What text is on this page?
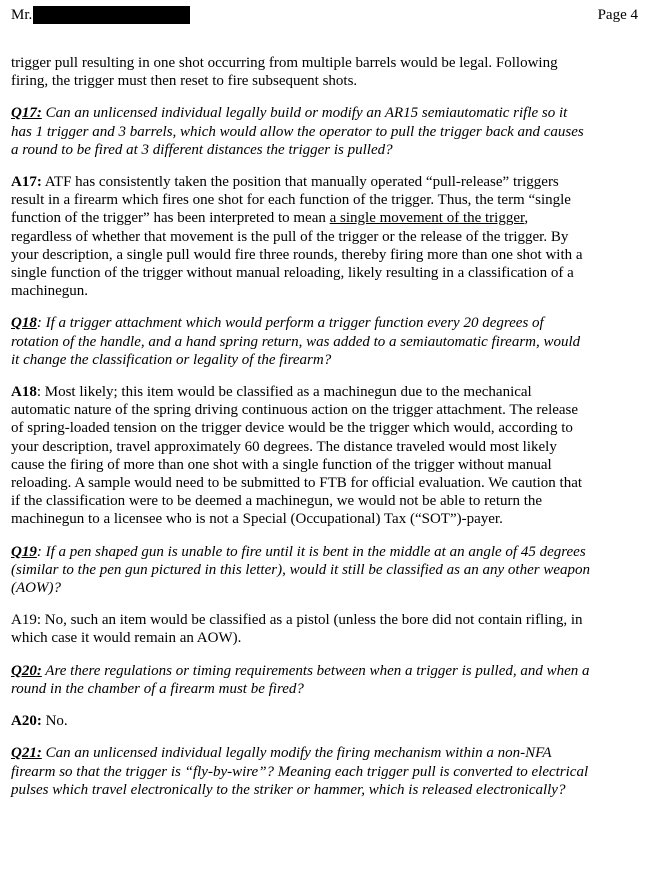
Mr.	Page 4

trigger pull resulting in one shot occurring from multiple barrels would be legal. Following firing, the trigger must then reset to fire subsequent shots.

Q17: Can an unlicensed individual legally build or modify an AR15 semiautomatic rifle so it has 1 trigger and 3 barrels, which would allow the operator to pull the trigger back and causes a round to be fired at 3 different distances the trigger is pulled?

A17: ATF has consistently taken the position that manually operated “pull-release” triggers result in a firearm which fires one shot for each function of the trigger. Thus, the term “single function of the trigger” has been interpreted to mean a single movement of the trigger, regardless of whether that movement is the pull of the trigger or the release of the trigger. By your description, a single pull would fire three rounds, thereby firing more than one shot with a single function of the trigger without manual reloading, likely resulting in a classification of a machinegun.

Q18: If a trigger attachment which would perform a trigger function every 20 degrees of rotation of the handle, and a hand spring return, was added to a semiautomatic firearm, would it change the classification or legality of the firearm?

A18: Most likely; this item would be classified as a machinegun due to the mechanical automatic nature of the spring driving continuous action on the trigger attachment. The release of spring-loaded tension on the trigger device would be the trigger which would, according to your description, travel approximately 60 degrees. The distance traveled would most likely cause the firing of more than one shot with a single function of the trigger without manual reloading. A sample would need to be submitted to FTB for official evaluation. We caution that if the classification were to be deemed a machinegun, we would not be able to return the machinegun to a licensee who is not a Special (Occupational) Tax (“SOT”)-payer.

Q19: If a pen shaped gun is unable to fire until it is bent in the middle at an angle of 45 degrees (similar to the pen gun pictured in this letter), would it still be classified as an any other weapon (AOW)?

A19: No, such an item would be classified as a pistol (unless the bore did not contain rifling, in which case it would remain an AOW).

Q20: Are there regulations or timing requirements between when a trigger is pulled, and when a round in the chamber of a firearm must be fired?

A20: No.

Q21: Can an unlicensed individual legally modify the firing mechanism within a non-NFA firearm so that the trigger is “fly-by-wire”? Meaning each trigger pull is converted to electrical pulses which travel electronically to the striker or hammer, which is released electronically?
